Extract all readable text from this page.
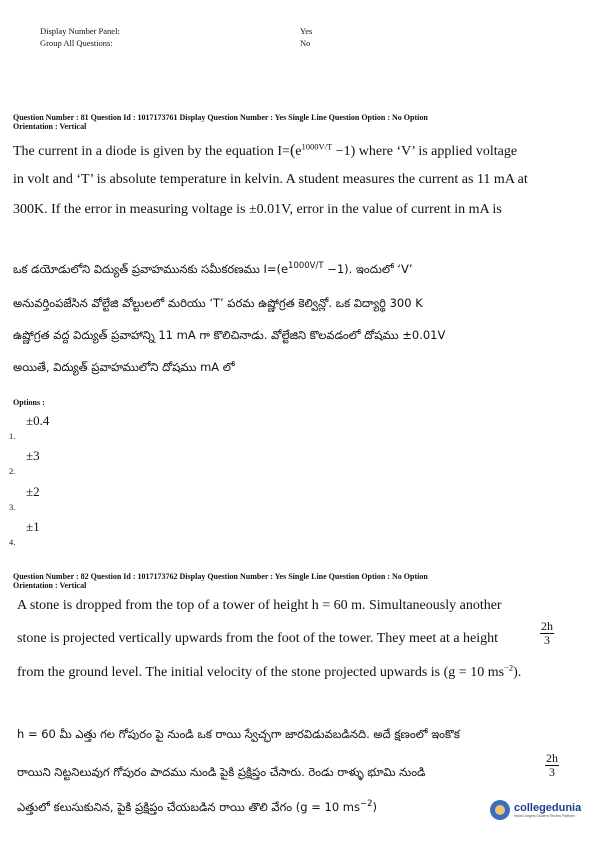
Display Number Panel:	Yes
Group All Questions:	No
Question Number : 81 Question Id : 1017173761 Display Question Number : Yes Single Line Question Option : No Option
Orientation : Vertical
The current in a diode is given by the equation $I=(e^{1000V/T} -1)$ where ‘V’ is applied voltage
in volt and ‘T’ is absolute temperature in kelvin. A student measures the current as 11 mA at
300K. If the error in measuring voltage is ±0.01V, error in the value of current in mA is
ఒక డయోడులోని విద్యుత్ ప్రవాహమునకు సమీకరణము $I=(e^{1000V/T} -1)$. ఇందులో ‘V’
అనువర్తింపజేసిన వోల్టేజి వోల్టులలో మరియు ‘T’ పరమ ఉష్ణోగ్రత కెల్విన్లో. ఒక విద్యార్థి 300 K
ఉష్ణోగ్రత వద్ద విద్యుత్ ప్రవాహాన్ని 11 mA గా కొలిచినాడు. వోల్టేజిని కొలవడంలో దోషము ±0.01V
అయితే, విద్యుత్ ప్రవాహములోని దోషము mA లో
Options :
±0.4
1.
±3
2.
±2
3.
±1
4.
Question Number : 82 Question Id : 1017173762 Display Question Number : Yes Single Line Question Option : No Option
Orientation : Vertical
A stone is dropped from the top of a tower of height h = 60 m. Simultaneously another
stone is projected vertically upwards from the foot of the tower. They meet at a height	$\frac{2h}{3}$
from the ground level. The initial velocity of the stone projected upwards is (g = 10 $ms^{-2}$).
h = 60 మీ ఎత్తు గల గోపురం పై నుండి ఒక రాయి స్వేచ్ఛగా జారవిడువబడినది. అదే క్షణంలో ఇంకొక
రాయిని నిట్టనిలువుగ గోపురం పాదము నుండి పైకి ప్రక్షిప్తం చేసారు. రెండు రాళ్ళు భూమి నుండి	$\frac{2h}{3}$
ఎత్తులో కలుసుకునిన, పైకి ప్రక్షిప్తం చేయబడిన రాయి తొలి వేగం (g = 10 $ms^{-2}$)	collegedunia
India's largest Student Review Platform
